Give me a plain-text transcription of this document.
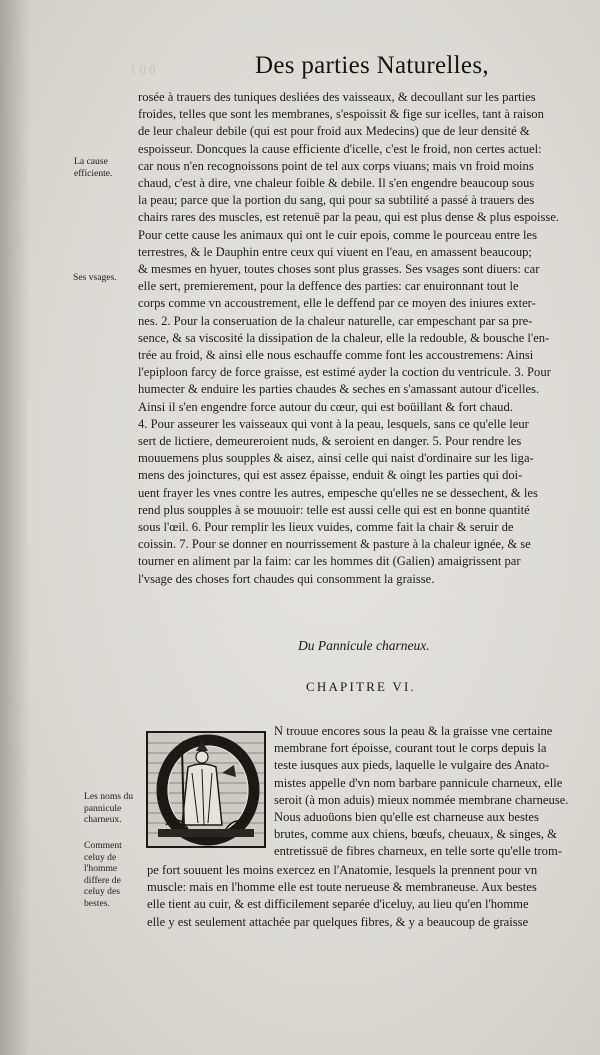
100	Des parties Naturelles,
La cause efficiente.
Ses vsages.
Les noms du pannicule charneux.
Comment celuy de l'homme differe de celuy des bestes.
rosée à trauers des tuniques desliées des vaisseaux, & decoullant sur les parties
froides, telles que sont les membranes, s'espoissit & fige sur icelles, tant à raison
de leur chaleur debile (qui est pour froid aux Medecins) que de leur densité &
espoisseur. Doncques la cause efficiente d'icelle, c'est le froid, non certes actuel:
car nous n'en recognoissons point de tel aux corps viuans; mais vn froid moins
chaud, c'est à dire, vne chaleur foible & debile. Il s'en engendre beaucoup sous
la peau; parce que la portion du sang, qui pour sa subtilité a passé à trauers des
chairs rares des muscles, est retenuë par la peau, qui est plus dense & plus espoisse.
Pour cette cause les animaux qui ont le cuir epois, comme le pourceau entre les
terrestres, & le Dauphin entre ceux qui viuent en l'eau, en amassent beaucoup;
& mesmes en hyuer, toutes choses sont plus grasses. Ses vsages sont diuers: car
elle sert, premierement, pour la deffence des parties: car enuironnant tout le
corps comme vn accoustrement, elle le deffend par ce moyen des iniures exter-
nes. 2. Pour la conseruation de la chaleur naturelle, car empeschant par sa pre-
sence, & sa viscosité la dissipation de la chaleur, elle la redouble, & bousche l'en-
trée au froid, & ainsi elle nous eschauffe comme font les accoustremens: Ainsi
l'epiploon farcy de force graisse, est estimé ayder la coction du ventricule. 3. Pour
humecter & enduire les parties chaudes & seches en s'amassant autour d'icelles.
Ainsi il s'en engendre force autour du cœur, qui est boüillant & fort chaud.
4. Pour asseurer les vaisseaux qui vont à la peau, lesquels, sans ce qu'elle leur
sert de lictiere, demeureroient nuds, & seroient en danger. 5. Pour rendre les
mouuemens plus soupples & aisez, ainsi celle qui naist d'ordinaire sur les liga-
mens des joinctures, qui est assez épaisse, enduit & oingt les parties qui doi-
uent frayer les vnes contre les autres, empesche qu'elles ne se dessechent, & les
rend plus soupples à se mouuoir: telle est aussi celle qui est en bonne quantité
sous l'œil. 6. Pour remplir les lieux vuides, comme fait la chair & seruir de
coissin. 7. Pour se donner en nourrissement & pasture à la chaleur ignée, & se
tourner en aliment par la faim: car les hommes dit (Galien) amaigrissent par
l'vsage des choses fort chaudes qui consomment la graisse.
Du Pannicule charneux.
CHAPITRE VI.
N trouue encores sous la peau & la graisse vne certaine
membrane fort époisse, courant tout le corps depuis la
teste iusques aux pieds, laquelle le vulgaire des Anato-
mistes appelle d'vn nom barbare pannicule charneux, elle
seroit (à mon aduis) mieux nommée membrane charneuse.
Nous aduoüons bien qu'elle est charneuse aux bestes
brutes, comme aux chiens, bœufs, cheuaux, & singes, &
entretissuë de fibres charneux, en telle sorte qu'elle trom-
pe fort souuent les moins exercez en l'Anatomie, lesquels la prennent pour vn
muscle: mais en l'homme elle est toute nerueuse & membraneuse. Aux bestes
elle tient au cuir, & est difficilement separée d'iceluy, au lieu qu'en l'homme
elle y est seulement attachée par quelques fibres, & y a beaucoup de graisse
